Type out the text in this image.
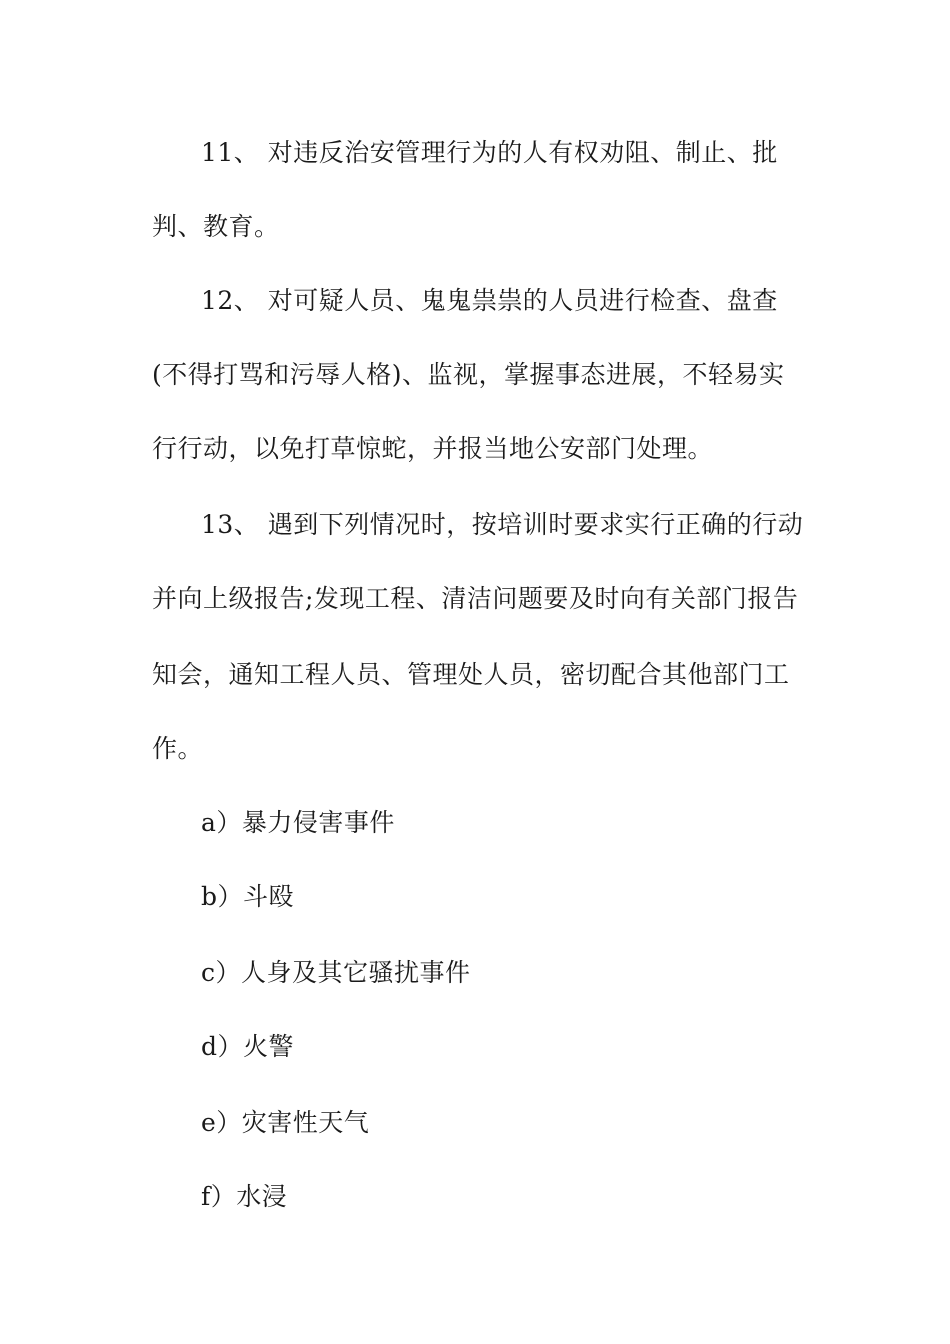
11、 对违反治安管理行为的人有权劝阻、制止、批
判、教育。
12、 对可疑人员、鬼鬼祟祟的人员进行检查、盘查
(不得打骂和污辱人格)、监视，掌握事态进展，不轻易实
行行动，以免打草惊蛇，并报当地公安部门处理。
13、 遇到下列情况时，按培训时要求实行正确的行动
并向上级报告;发现工程、清洁问题要及时向有关部门报告
知会，通知工程人员、管理处人员，密切配合其他部门工
作。
a）暴力侵害事件
b）斗殴
c）人身及其它骚扰事件
d）火警
e）灾害性天气
f）水浸
